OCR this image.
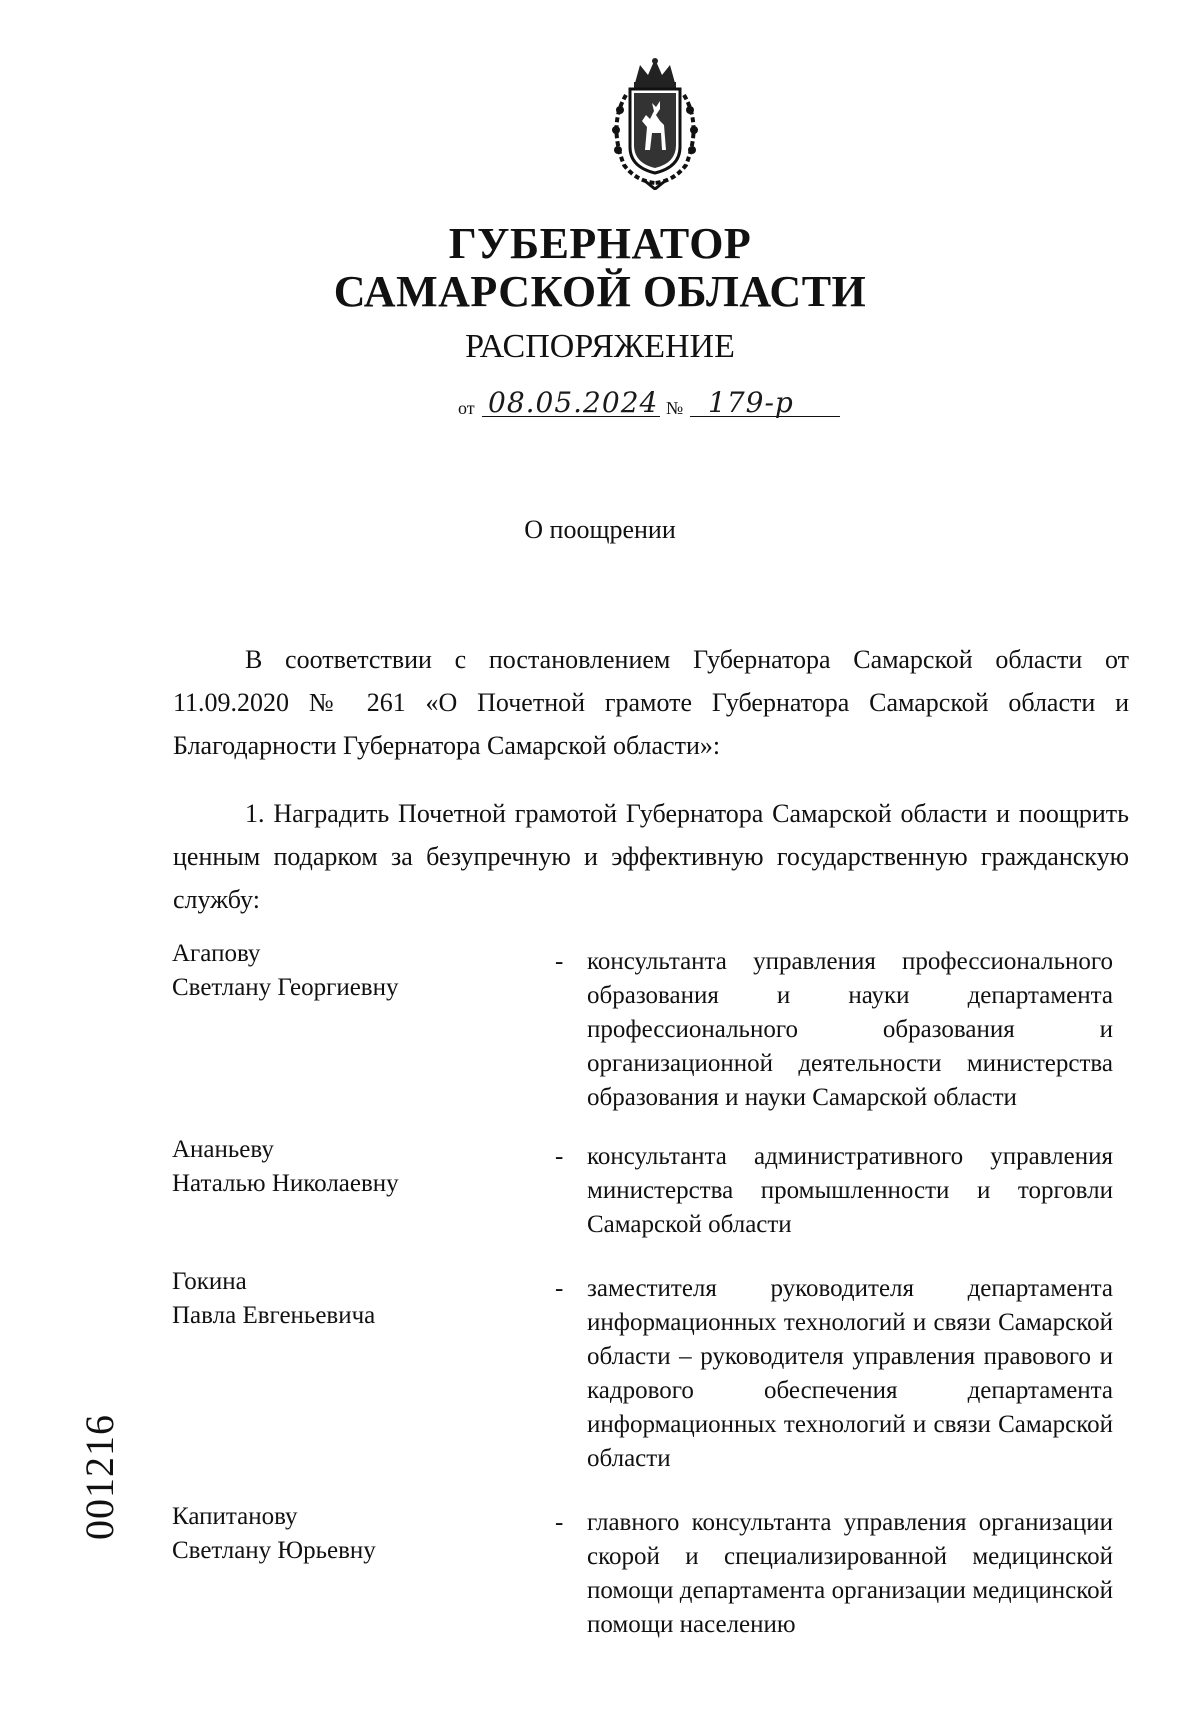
ГУБЕРНАТОР
САМАРСКОЙ ОБЛАСТИ
РАСПОРЯЖЕНИЕ
от 08.05.2024 № 179-р
О поощрении
В соответствии с постановлением Губернатора Самарской области от 11.09.2020 № 261 «О Почетной грамоте Губернатора Самарской области и Благодарности Губернатора Самарской области»:
1. Наградить Почетной грамотой Губернатора Самарской области и поощрить ценным подарком за безупречную и эффективную государственную гражданскую службу:
Агапову
Светлану Георгиевну
- консультанта управления профессионального образования и науки департамента профессионального образования и организационной деятельности министерства образования и науки Самарской области
Ананьеву
Наталью Николаевну
- консультанта административного управления министерства промышленности и торговли Самарской области
Гокина
Павла Евгеньевича
- заместителя руководителя департамента информационных технологий и связи Самарской области – руководителя управления правового и кадрового обеспечения департамента информационных технологий и связи Самарской области
Капитанову
Светлану Юрьевну
- главного консультанта управления организации скорой и специализированной медицинской помощи департамента организации медицинской помощи населению
001216
